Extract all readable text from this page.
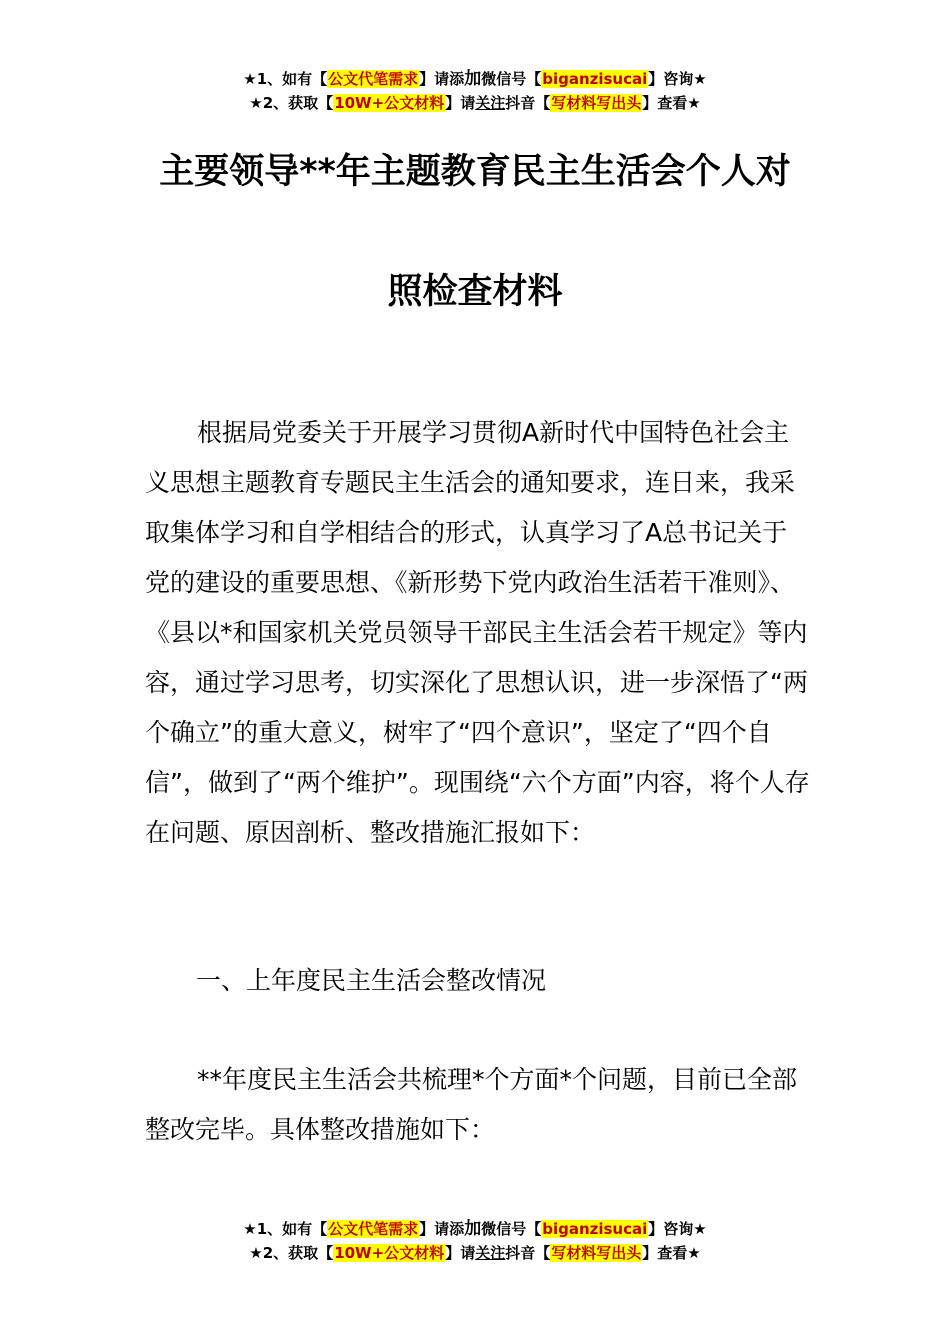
★1、如有【公文代笔需求】请添加微信号【biganzisucai】咨询★
★2、获取【10W+公文材料】请关注抖音【写材料写出头】查看★
主要领导**年主题教育民主生活会个人对
照检查材料
根据局党委关于开展学习贯彻A新时代中国特色社会主义思想主题教育专题民主生活会的通知要求，连日来，我采取集体学习和自学相结合的形式，认真学习了A总书记关于党的建设的重要思想、《新形势下党内政治生活若干准则》、《县以*和国家机关党员领导干部民主生活会若干规定》等内容，通过学习思考，切实深化了思想认识，进一步深悟了“两个确立”的重大意义，树牢了“四个意识”，坚定了“四个自信”，做到了“两个维护”。现围绕“六个方面”内容，将个人存在问题、原因剖析、整改措施汇报如下：
一、上年度民主生活会整改情况
**年度民主生活会共梳理*个方面*个问题，目前已全部整改完毕。具体整改措施如下：
★1、如有【公文代笔需求】请添加微信号【biganzisucai】咨询★
★2、获取【10W+公文材料】请关注抖音【写材料写出头】查看★
